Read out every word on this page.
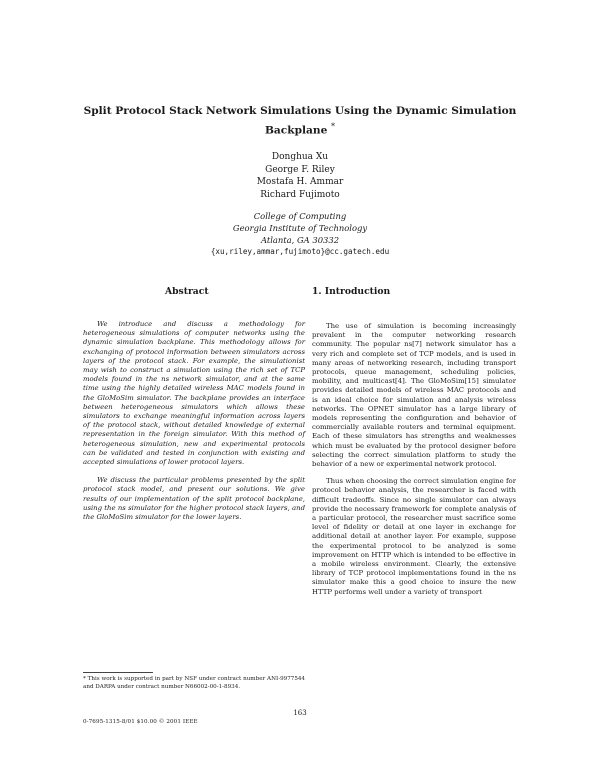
Split Protocol Stack Network Simulations Using the Dynamic Simulation
Backplane *
Donghua Xu
George F. Riley
Mostafa H. Ammar
Richard Fujimoto
College of Computing
Georgia Institute of Technology
Atlanta, GA 30332
{xu,riley,ammar,fujimoto}@cc.gatech.edu
Abstract	1. Introduction

We introduce and discuss a methodology for heterogeneous simulations of computer networks using the dynamic simulation backplane. This methodology allows for exchanging of protocol information between simulators across layers of the protocol stack. For example, the simulationist may wish to construct a simulation using the rich set of TCP models found in the ns network simulator, and at the same time using the highly detailed wireless MAC models found in the GloMoSim simulator. The backplane provides an interface between heterogeneous simulators which allows these simulators to exchange meaningful information across layers of the protocol stack, without detailed knowledge of external representation in the foreign simulator. With this method of heterogeneous simulation, new and experimental protocols can be validated and tested in conjunction with existing and accepted simulations of lower protocol layers.

We discuss the particular problems presented by the split protocol stack model, and present our solutions. We give results of our implementation of the split protocol backplane, using the ns simulator for the higher protocol stack layers, and the GloMoSim simulator for the lower layers.

The use of simulation is becoming increasingly prevalent in the computer networking research community. The popular ns[7] network simulator has a very rich and complete set of TCP models, and is used in many areas of networking research, including transport protocols, queue management, scheduling policies, mobility, and multicast[4]. The GloMoSim[15] simulator provides detailed models of wireless MAC protocols and is an ideal choice for simulation and analysis wireless networks. The OPNET simulator has a large library of models representing the configuration and behavior of commercially available routers and terminal equipment. Each of these simulators has strengths and weaknesses which must be evaluated by the protocol designer before selecting the correct simulation platform to study the behavior of a new or experimental network protocol.

Thus when choosing the correct simulation engine for protocol behavior analysis, the researcher is faced with difficult tradeoffs. Since no single simulator can always provide the necessary framework for complete analysis of a particular protocol, the researcher must sacrifice some level of fidelity or detail at one layer in exchange for additional detail at another layer. For example, suppose the experimental protocol to be analyzed is some improvement on HTTP which is intended to be effective in a mobile wireless environment. Clearly, the extensive library of TCP protocol implementations found in the ns simulator make this a good choice to insure the new HTTP performs well under a variety of transport

* This work is supported in part by NSF under contract number ANI-9977544 and DARPA under contract number N66002-00-1-8934.
163
0-7695-1315-8/01 $10.00 © 2001 IEEE
